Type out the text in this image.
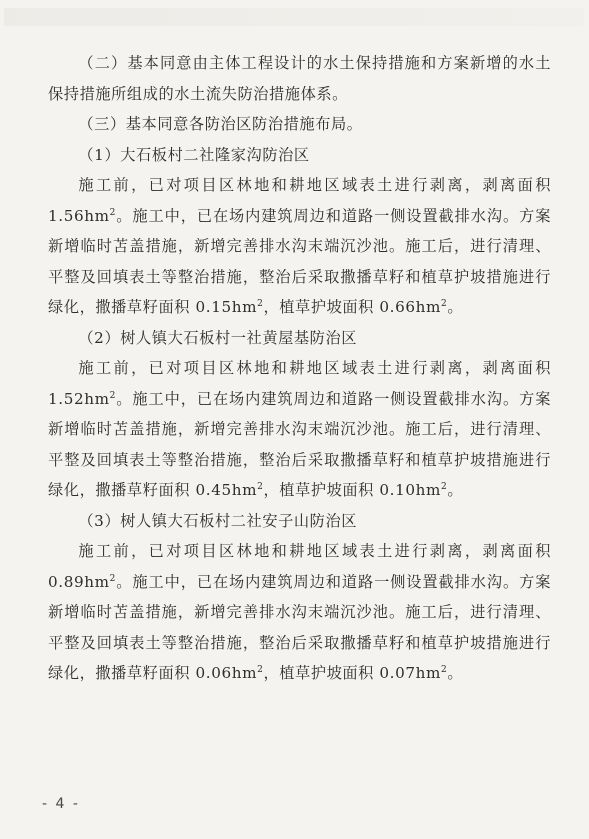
（二）基本同意由主体工程设计的水土保持措施和方案新增的水土保持措施所组成的水土流失防治措施体系。

（三）基本同意各防治区防治措施布局。

（1）大石板村二社隆家沟防治区

施工前，已对项目区林地和耕地区域表土进行剥离，剥离面积 $1.56hm^2$。施工中，已在场内建筑周边和道路一侧设置截排水沟。方案新增临时苫盖措施，新增完善排水沟末端沉沙池。施工后，进行清理、平整及回填表土等整治措施，整治后采取撒播草籽和植草护坡措施进行绿化，撒播草籽面积 $0.15hm^2$，植草护坡面积 $0.66hm^2$。

（2）树人镇大石板村一社黄屋基防治区

施工前，已对项目区林地和耕地区域表土进行剥离，剥离面积 $1.52hm^2$。施工中，已在场内建筑周边和道路一侧设置截排水沟。方案新增临时苫盖措施，新增完善排水沟末端沉沙池。施工后，进行清理、平整及回填表土等整治措施，整治后采取撒播草籽和植草护坡措施进行绿化，撒播草籽面积 $0.45hm^2$，植草护坡面积 $0.10hm^2$。

（3）树人镇大石板村二社安子山防治区

施工前，已对项目区林地和耕地区域表土进行剥离，剥离面积 $0.89hm^2$。施工中，已在场内建筑周边和道路一侧设置截排水沟。方案新增临时苫盖措施，新增完善排水沟末端沉沙池。施工后，进行清理、平整及回填表土等整治措施，整治后采取撒播草籽和植草护坡措施进行绿化，撒播草籽面积 $0.06hm^2$，植草护坡面积 $0.07hm^2$。

- 4 -
